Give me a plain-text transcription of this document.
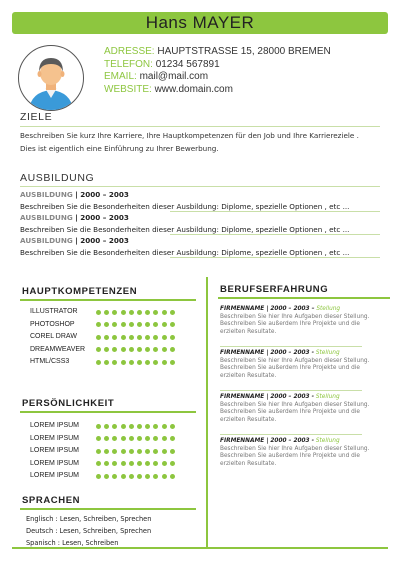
Hans MAYER
ADRESSE: HAUPTSTRASSE 15, 28000 BREMEN
TELEFON: 01234 567891
EMAIL: mail@mail.com
WEBSITE: www.domain.com
ZIELE
Beschreiben Sie kurz Ihre Karriere, Ihre Hauptkompetenzen für den Job und Ihre Karriereziele .
Dies ist eigentlich eine Einführung zu Ihrer Bewerbung.
AUSBILDUNG
AUSBILDUNG | 2000 – 2003
Beschreiben Sie die Besonderheiten dieser Ausbildung: Diplome, spezielle Optionen , etc ...
AUSBILDUNG | 2000 – 2003
Beschreiben Sie die Besonderheiten dieser Ausbildung: Diplome, spezielle Optionen , etc ...
AUSBILDUNG | 2000 – 2003
Beschreiben Sie die Besonderheiten dieser Ausbildung: Diplome, spezielle Optionen , etc ...
HAUPTKOMPETENZEN
ILLUSTRATOR
PHOTOSHOP
COREL DRAW
DREAMWEAVER
HTML/CSS3
PERSÖNLICHKEIT
LOREM IPSUM
LOREM IPSUM
LOREM IPSUM
LOREM IPSUM
LOREM IPSUM
SPRACHEN
Englisch : Lesen, Schreiben, Sprechen
Deutsch : Lesen, Schreiben, Sprechen
Spanisch : Lesen, Schreiben
BERUFSERFAHRUNG
FIRMENNAME | 2000 – 2003 – Stellung
Beschreiben Sie hier Ihre Aufgaben dieser Stellung.
Beschreiben Sie außerdem Ihre Projekte und die
erzielten Resultate.
FIRMENNAME | 2000 – 2003 - Stellung
Beschreiben Sie hier Ihre Aufgaben dieser Stellung.
Beschreiben Sie außerdem Ihre Projekte und die
erzielten Resultate.
FIRMENNAME | 2000 – 2003 - Stellung
Beschreiben Sie hier Ihre Aufgaben dieser Stellung.
Beschreiben Sie außerdem Ihre Projekte und die
erzielten Resultate.
FIRMENNAME | 2000 – 2003 - Stellung
Beschreiben Sie hier Ihre Aufgaben dieser Stellung.
Beschreiben Sie außerdem Ihre Projekte und die
erzielten Resultate.
